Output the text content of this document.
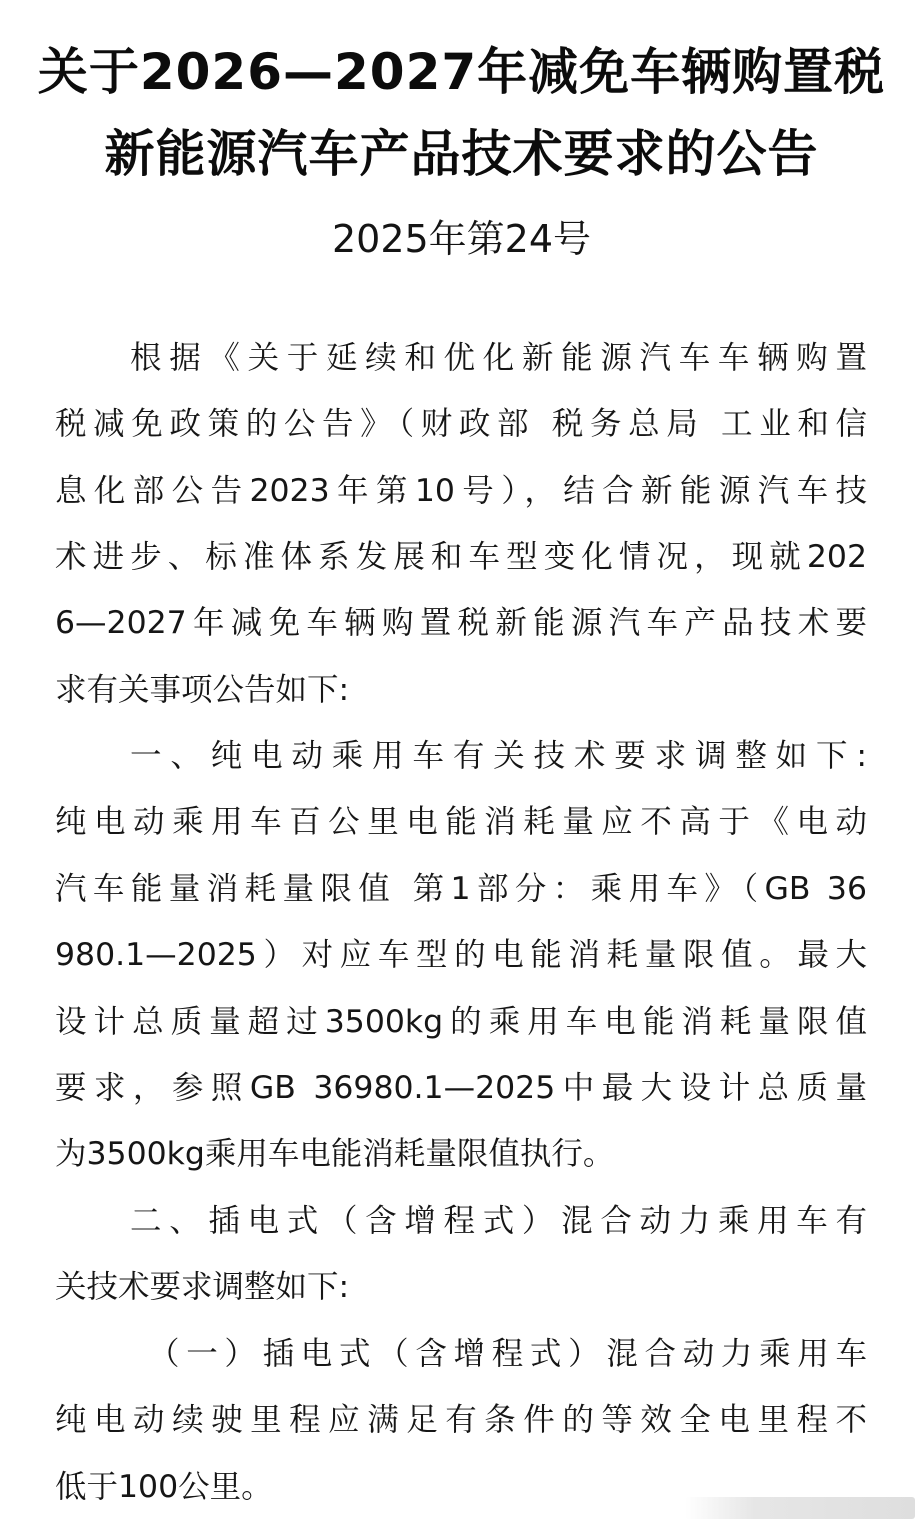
关于2026—2027年减免车辆购置税
新能源汽车产品技术要求的公告
2025年第24号
根据《关于延续和优化新能源汽车车辆购置
税减免政策的公告》（财政部 税务总局 工业和信
息化部公告2023年第10号），结合新能源汽车技
术进步、标准体系发展和车型变化情况，现就202
6—2027年减免车辆购置税新能源汽车产品技术要
求有关事项公告如下:
一、纯电动乘用车有关技术要求调整如下:
纯电动乘用车百公里电能消耗量应不高于《电动
汽车能量消耗量限值 第1部分：乘用车》（GB 36
980.1—2025）对应车型的电能消耗量限值。最大
设计总质量超过3500kg的乘用车电能消耗量限值
要求，参照GB 36980.1—2025中最大设计总质量
为3500kg乘用车电能消耗量限值执行。
二、插电式（含增程式）混合动力乘用车有
关技术要求调整如下:
（一）插电式（含增程式）混合动力乘用车
纯电动续驶里程应满足有条件的等效全电里程不
低于100公里。
